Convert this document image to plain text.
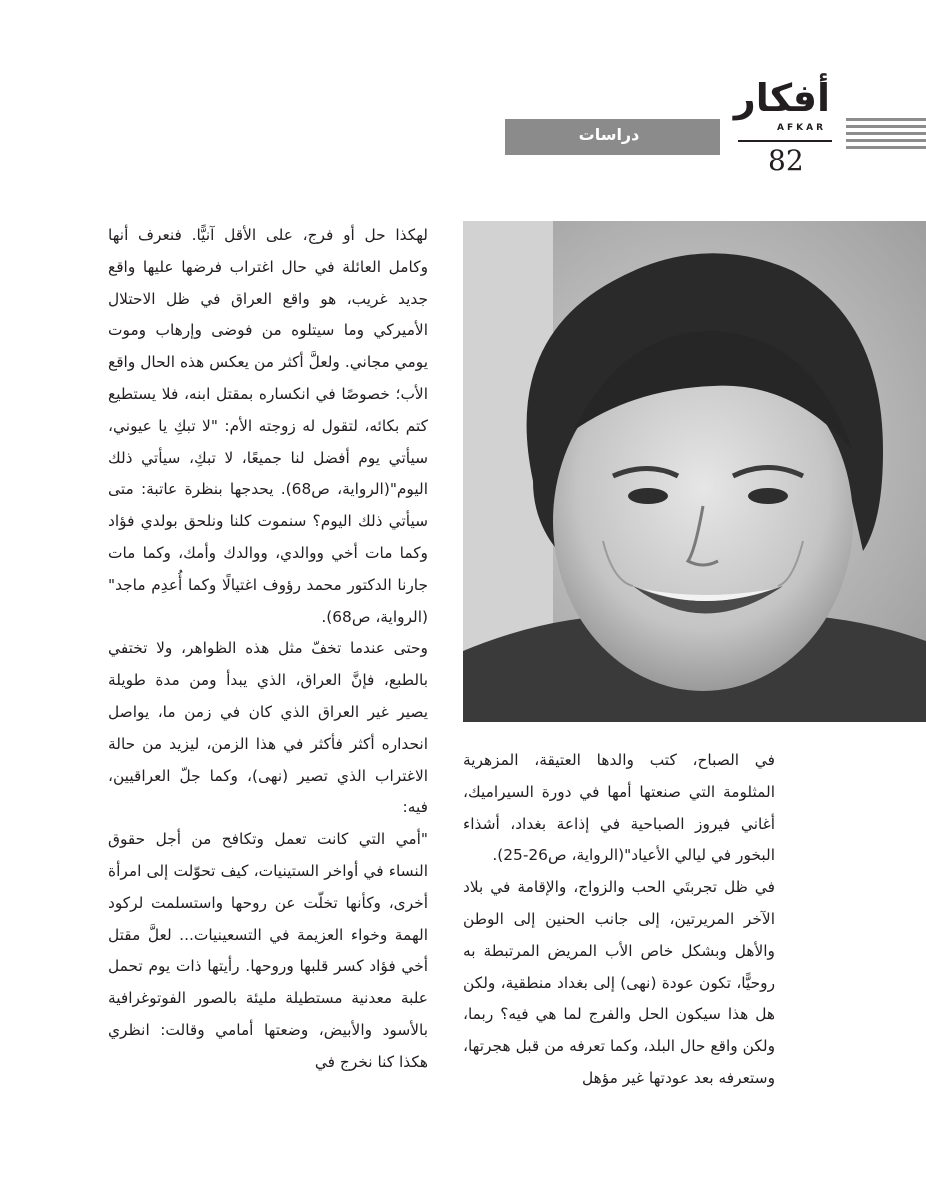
أفكار
AFKAR
82
دراسات

لهكذا حل أو فرج، على الأقل آنيًّا. فنعرف أنها وكامل العائلة في حال اغتراب فرضها عليها واقع جديد غريب، هو واقع العراق في ظل الاحتلال الأميركي وما سيتلوه من فوضى وإرهاب وموت يومي مجاني. ولعلَّ أكثر من يعكس هذه الحال واقع الأب؛ خصوصًا في انكساره بمقتل ابنه، فلا يستطيع كتم بكائه، لتقول له زوجته الأم: "لا تبكِ يا عيوني، سيأتي يوم أفضل لنا جميعًا، لا تبكِ، سيأتي ذلك اليوم"(الرواية، ص68). يحدجها بنظرة عاتبة: متى سيأتي ذلك اليوم؟ سنموت كلنا ونلحق بولدي فؤاد وكما مات أخي ووالدي، ووالدك وأمك، وكما مات جارنا الدكتور محمد رؤوف اغتيالًا وكما أُعدِم ماجد"(الرواية، ص68).

وحتى عندما تخفّ مثل هذه الظواهر، ولا تختفي بالطبع، فإنَّ العراق، الذي يبدأ ومن مدة طويلة يصير غير العراق الذي كان في زمن ما، يواصل انحداره أكثر فأكثر في هذا الزمن، ليزيد من حالة الاغتراب الذي تصير (نهى)، وكما جلّ العراقيين، فيه:

"أمي التي كانت تعمل وتكافح من أجل حقوق النساء في أواخر الستينيات، كيف تحوّلت إلى امرأة أخرى، وكأنها تخلّت عن روحها واستسلمت لركود الهمة وخواء العزيمة في التسعينيات... لعلَّ مقتل أخي فؤاد كسر قلبها وروحها. رأيتها ذات يوم تحمل علبة معدنية مستطيلة مليئة بالصور الفوتوغرافية بالأسود والأبيض، وضعتها أمامي وقالت: انظري هكذا كنا نخرج في

في الصباح، كتب والدها العتيقة، المزهرية المثلومة التي صنعتها أمها في دورة السيراميك، أغاني فيروز الصباحية في إذاعة بغداد، أشذاء البخور في ليالي الأعياد"(الرواية، ص26-25).

في ظل تجربتَي الحب والزواج، والإقامة في بلاد الآخر المريرتين، إلى جانب الحنين إلى الوطن والأهل وبشكل خاص الأب المريض المرتبطة به روحيًّا، تكون عودة (نهى) إلى بغداد منطقية، ولكن هل هذا سيكون الحل والفرج لما هي فيه؟ ربما، ولكن واقع حال البلد، وكما تعرفه من قبل هجرتها، وستعرفه بعد عودتها غير مؤهل
